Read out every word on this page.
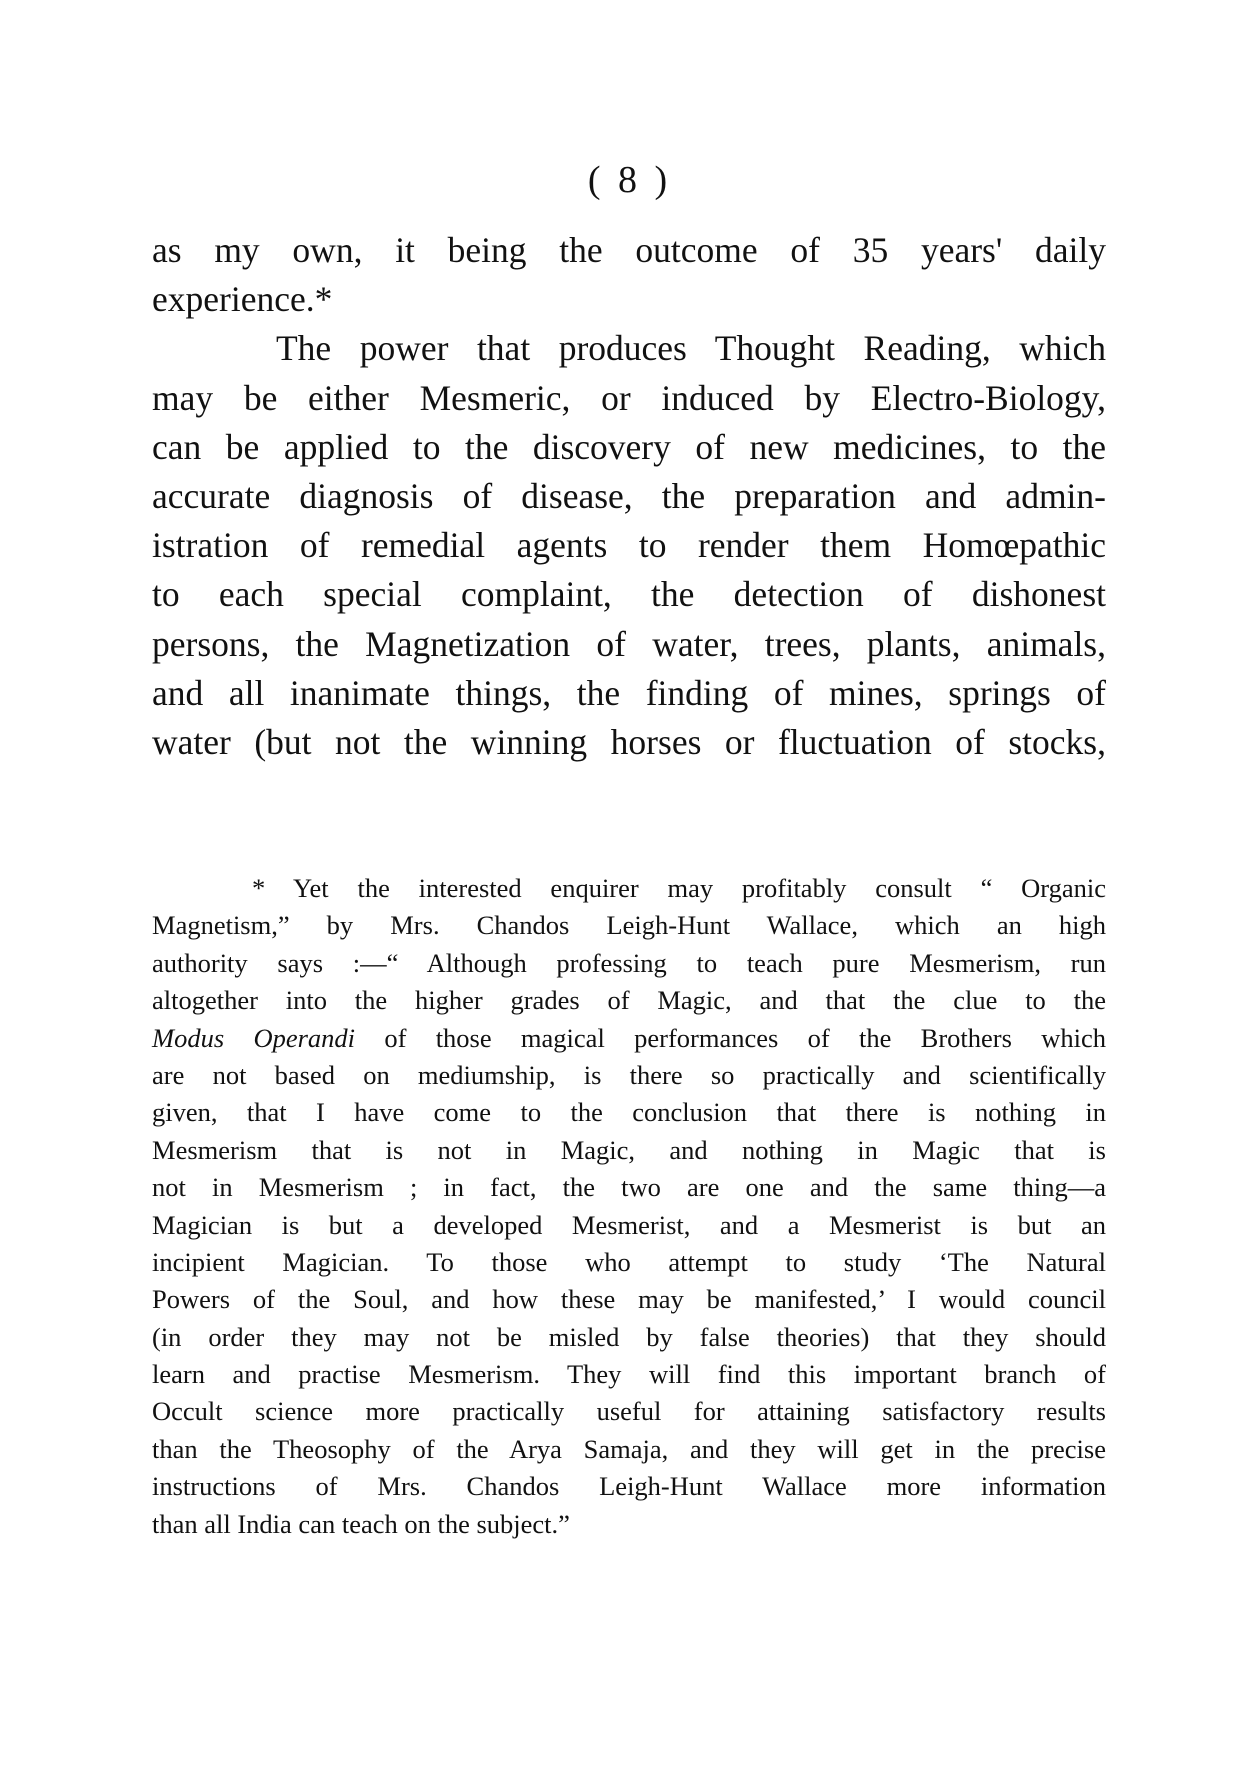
( 8 )
as my own, it being the outcome of 35 years' daily
experience.*
The power that produces Thought Reading, which
may be either Mesmeric, or induced by Electro-Biology,
can be applied to the discovery of new medicines, to the
accurate diagnosis of disease, the preparation and admin-
istration of remedial agents to render them Homœpathic
to each special complaint, the detection of dishonest
persons, the Magnetization of water, trees, plants, animals,
and all inanimate things, the finding of mines, springs of
water (but not the winning horses or fluctuation of stocks,
* Yet the interested enquirer may profitably consult “ Organic
Magnetism,” by Mrs. Chandos Leigh-Hunt Wallace, which an high
authority says :—“ Although professing to teach pure Mesmerism, run
altogether into the higher grades of Magic, and that the clue to the
Modus Operandi of those magical performances of the Brothers which
are not based on mediumship, is there so practically and scientifically
given, that I have come to the conclusion that there is nothing in
Mesmerism that is not in Magic, and nothing in Magic that is
not in Mesmerism ; in fact, the two are one and the same thing—a
Magician is but a developed Mesmerist, and a Mesmerist is but an
incipient Magician. To those who attempt to study ‘The Natural
Powers of the Soul, and how these may be manifested,’ I would council
(in order they may not be misled by false theories) that they should
learn and practise Mesmerism. They will find this important branch of
Occult science more practically useful for attaining satisfactory results
than the Theosophy of the Arya Samaja, and they will get in the precise
instructions of Mrs. Chandos Leigh-Hunt Wallace more information
than all India can teach on the subject.”
